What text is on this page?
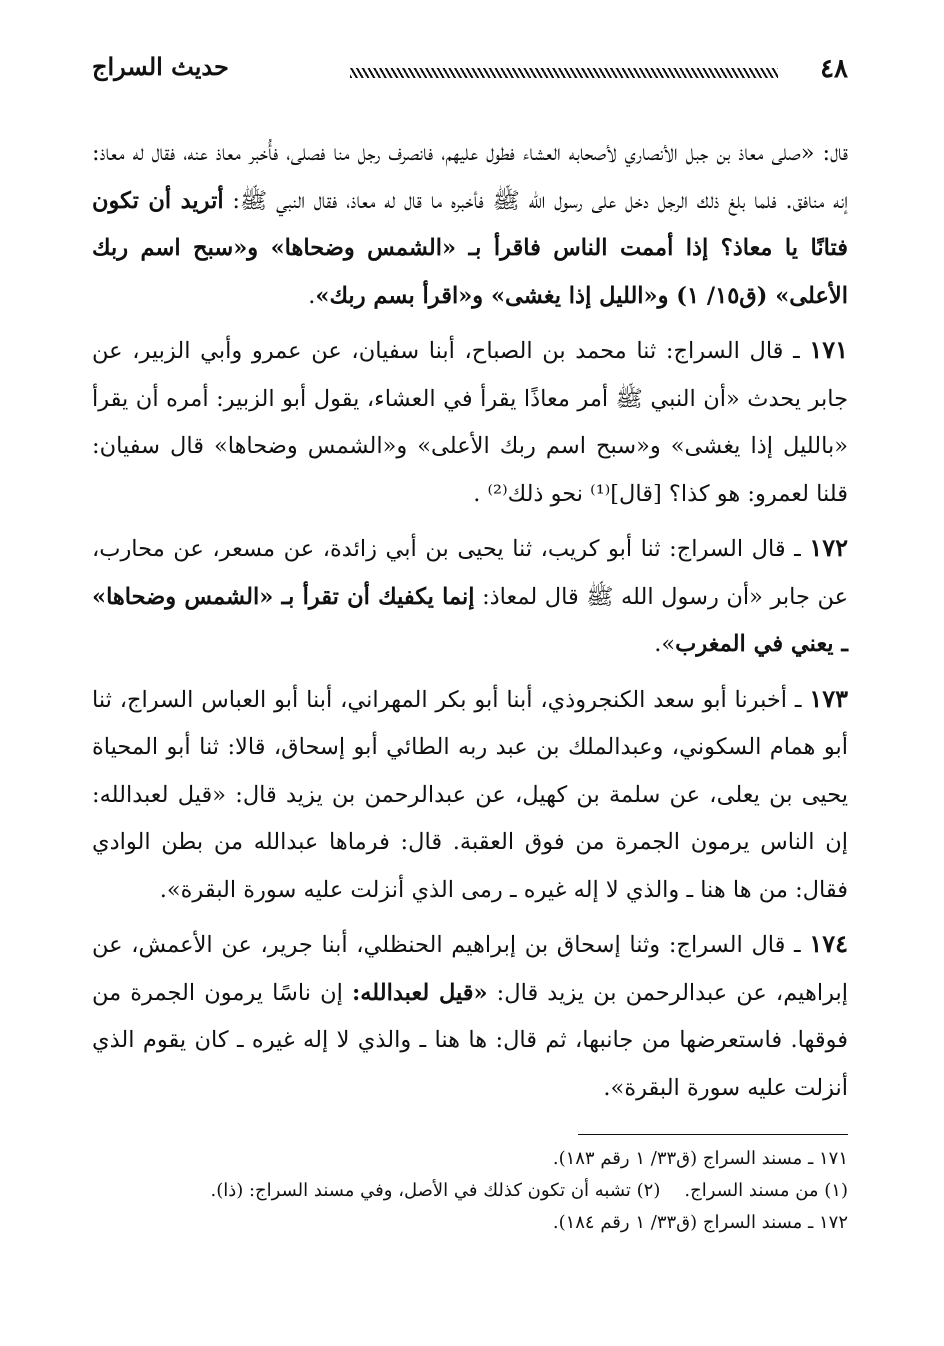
٤٨
حديث السراج

قال: «صلى معاذ بن جبل الأنصاري لأصحابه العشاء فطول عليهم، فانصرف رجل منا فصلى، فأُخبر معاذ عنه، فقال له معاذ: إنه منافق. فلما بلغ ذلك الرجل دخل على رسول الله ﷺ فأخبره ما قال له معاذ، فقال النبي ﷺ: أتريد أن تكون فتانًا يا معاذ؟ إذا أممت الناس فاقرأ بـ «الشمس وضحاها» و«سبح اسم ربك الأعلى» (ق١٥/ ١) و«الليل إذا يغشى» و«اقرأ بسم ربك».

١٧١ ـ قال السراج: ثنا محمد بن الصباح، أبنا سفيان، عن عمرو وأبي الزبير، عن جابر يحدث «أن النبي ﷺ أمر معاذًا يقرأ في العشاء، يقول أبو الزبير: أمره أن يقرأ «بالليل إذا يغشى» و«سبح اسم ربك الأعلى» و«الشمس وضحاها» قال سفيان: قلنا لعمرو: هو كذا؟ [قال]⁽¹⁾ نحو ذلك⁽²⁾ .

١٧٢ ـ قال السراج: ثنا أبو كريب، ثنا يحيى بن أبي زائدة، عن مسعر، عن محارب، عن جابر «أن رسول الله ﷺ قال لمعاذ: إنما يكفيك أن تقرأ بـ «الشمس وضحاها» ـ يعني في المغرب».

١٧٣ ـ أخبرنا أبو سعد الكنجروذي، أبنا أبو بكر المهراني، أبنا أبو العباس السراج، ثنا أبو همام السكوني، وعبدالملك بن عبد ربه الطائي أبو إسحاق، قالا: ثنا أبو المحياة يحيى بن يعلى، عن سلمة بن كهيل، عن عبدالرحمن بن يزيد قال: «قيل لعبدالله: إن الناس يرمون الجمرة من فوق العقبة. قال: فرماها عبدالله من بطن الوادي فقال: من ها هنا ـ والذي لا إله غيره ـ رمى الذي أنزلت عليه سورة البقرة».

١٧٤ ـ قال السراج: وثنا إسحاق بن إبراهيم الحنظلي، أبنا جرير، عن الأعمش، عن إبراهيم، عن عبدالرحمن بن يزيد قال: «قيل لعبدالله: إن ناسًا يرمون الجمرة من فوقها. فاستعرضها من جانبها، ثم قال: ها هنا ـ والذي لا إله غيره ـ كان يقوم الذي أنزلت عليه سورة البقرة».

١٧١ ـ مسند السراج (ق٣٣/ ١ رقم ١٨٣).

(١) من مسند السراج.(٢) تشبه أن تكون كذلك في الأصل، وفي مسند السراج: (ذا).

١٧٢ ـ مسند السراج (ق٣٣/ ١ رقم ١٨٤).
